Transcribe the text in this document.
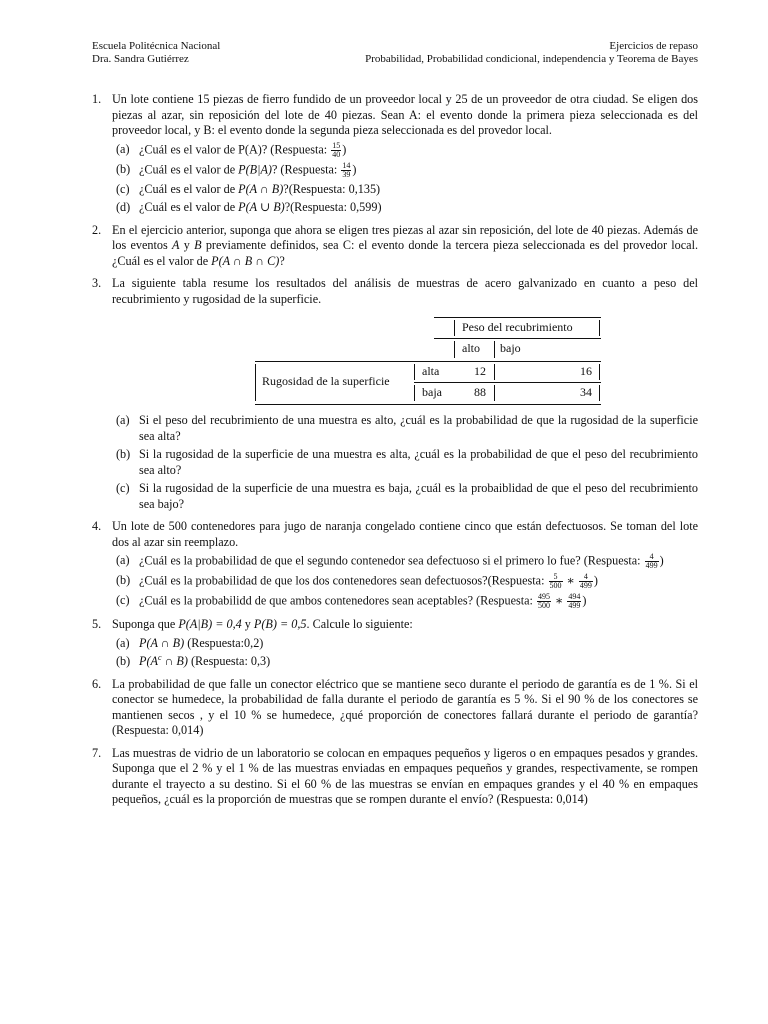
Escuela Politécnica Nacional
Dra. Sandra Gutiérrez
Ejercicios de repaso
Probabilidad, Probabilidad condicional, independencia y Teorema de Bayes
1. Un lote contiene 15 piezas de fierro fundido de un proveedor local y 25 de un proveedor de otra ciudad. Se eligen dos piezas al azar, sin reposición del lote de 40 piezas. Sean A: el evento donde la primera pieza seleccionada es del proveedor local, y B: el evento donde la segunda pieza seleccionada es del provedor local.
(a) ¿Cuál es el valor de P(A)? (Respuesta: $\frac{15}{40}$ )
(b) ¿Cuál es el valor de P(B|A)? (Respuesta: $\frac{14}{39}$ )
(c) ¿Cuál es el valor de P(A ∩ B)?(Respuesta: 0,135)
(d) ¿Cuál es el valor de P(A ∪ B)?(Respuesta: 0,599)
2. En el ejercicio anterior, suponga que ahora se eligen tres piezas al azar sin reposición, del lote de 40 piezas. Además de los eventos A y B previamente definidos, sea C: el evento donde la tercera pieza seleccionada es del provedor local. ¿Cuál es el valor de P(A ∩ B ∩ C)?
3. La siguiente tabla resume los resultados del análisis de muestras de acero galvanizado en cuanto a peso del recubrimiento y rugosidad de la superficie.
Peso del recubrimiento
alto bajo
Rugosidad de la superficie
alta
baja
12	16
88	34
(a) Si el peso del recubrimiento de una muestra es alto, ¿cuál es la probabilidad de que la rugosidad de la superficie sea alta?
(b) Si la rugosidad de la superficie de una muestra es alta, ¿cuál es la probabilidad de que el peso del recubrimiento sea alto?
(c) Si la rugosidad de la superficie de una muestra es baja, ¿cuál es la probaiblidad de que el peso del recubrimiento sea bajo?
4. Un lote de 500 contenedores para jugo de naranja congelado contiene cinco que están defectuosos. Se toman del lote dos al azar sin reemplazo.
(a) ¿Cuál es la probabilidad de que el segundo contenedor sea defectuoso si el primero lo fue? (Respuesta: $\frac{4}{499}$ )
(b) ¿Cuál es la probabilidad de que los dos contenedores sean defectuosos?(Respuesta: $\frac{5}{500}$ ∗ $\frac{4}{499}$ )
(c) ¿Cuál es la probabilidd de que ambos contenedores sean aceptables? (Respuesta: $\frac{495}{500}$ ∗ $\frac{494}{499}$ )
5. Suponga que P(A|B) = 0,4 y P(B) = 0,5. Calcule lo siguiente:
(a) P(A ∩ B) (Respuesta:0,2)
(b) $P(A^c$ ∩ B) (Respuesta: 0,3)
6. La probabilidad de que falle un conector eléctrico que se mantiene seco durante el periodo de garantía es de 1 %. Si el conector se humedece, la probabilidad de falla durante el periodo de garantía es 5 %. Si el 90 % de los conectores se mantienen secos , y el 10 % se humedece, ¿qué proporción de conectores fallará durante el periodo de garantía? (Respuesta: 0,014)
7. Las muestras de vidrio de un laboratorio se colocan en empaques pequeños y ligeros o en empaques pesados y grandes. Suponga que el 2 % y el 1 % de las muestras enviadas en empaques pequeños y grandes, respectivamente, se rompen durante el trayecto a su destino. Si el 60 % de las muestras se envían en empaques grandes y el 40 % en empaques pequeños, ¿cuál es la proporción de muestras que se rompen durante el envío? (Respuesta: 0,014)
